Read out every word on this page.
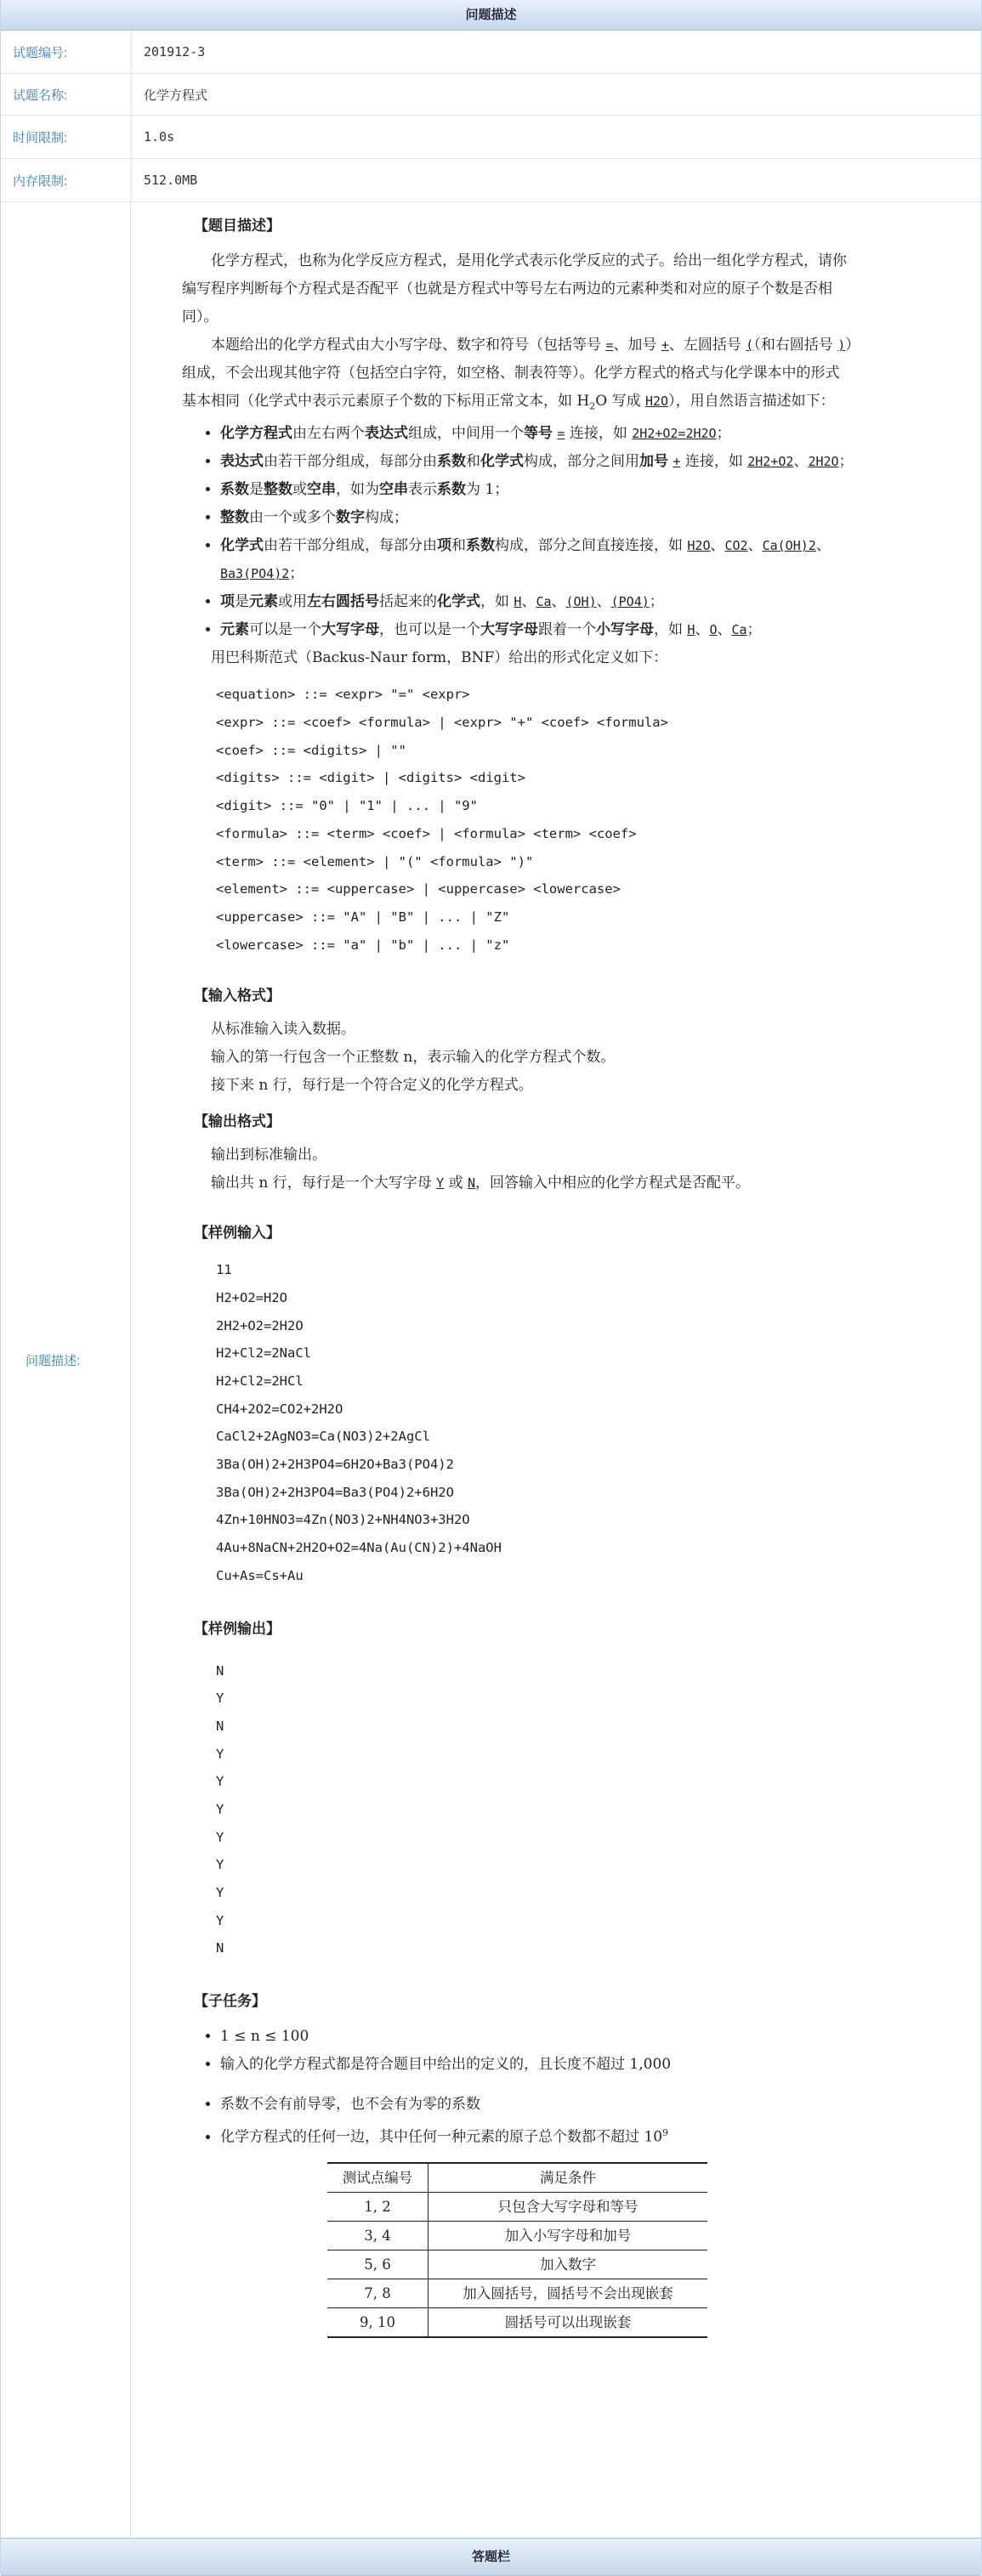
问题描述
试题编号:	201912-3
试题名称:	化学方程式
时间限制:	1.0s
内存限制:	512.0MB
问题描述:
【题目描述】

化学方程式，也称为化学反应方程式，是用化学式表示化学反应的式子。给出一组化学方程式，请你编写程序判断每个方程式是否配平（也就是方程式中等号左右两边的元素种类和对应的原子个数是否相同）。

本题给出的化学方程式由大小写字母、数字和符号（包括等号 =、加号 +、左圆括号 (（和右圆括号 )）组成，不会出现其他字符（包括空白字符，如空格、制表符等）。化学方程式的格式与化学课本中的形式基本相同（化学式中表示元素原子个数的下标用正常文本，如 $H_2O$ 写成 H2O），用自然语言描述如下：

• 化学方程式由左右两个表达式组成，中间用一个等号 = 连接，如 2H2+O2=2H2O；
• 表达式由若干部分组成，每部分由系数和化学式构成，部分之间用加号 + 连接，如 2H2+O2、2H2O；
• 系数是整数或空串，如为空串表示系数为 1；
• 整数由一个或多个数字构成；
• 化学式由若干部分组成，每部分由项和系数构成，部分之间直接连接，如 H2O、CO2、Ca(OH)2、Ba3(PO4)2；
• 项是元素或用左右圆括号括起来的化学式，如 H、Ca、(OH)、(PO4)；
• 元素可以是一个大写字母，也可以是一个大写字母跟着一个小写字母，如 H、O、Ca；

用巴科斯范式（Backus-Naur form，BNF）给出的形式化定义如下：

<equation> ::= <expr> "=" <expr>
<expr> ::= <coef> <formula> | <expr> "+" <coef> <formula>
<coef> ::= <digits> | ""
<digits> ::= <digit> | <digits> <digit>
<digit> ::= "0" | "1" | ... | "9"
<formula> ::= <term> <coef> | <formula> <term> <coef>
<term> ::= <element> | "(" <formula> ")"
<element> ::= <uppercase> | <uppercase> <lowercase>
<uppercase> ::= "A" | "B" | ... | "Z"
<lowercase> ::= "a" | "b" | ... | "z"
【输入格式】

从标准输入读入数据。

输入的第一行包含一个正整数 n，表示输入的化学方程式个数。

接下来 n 行，每行是一个符合定义的化学方程式。

【输出格式】

输出到标准输出。

输出共 n 行，每行是一个大写字母 Y 或 N，回答输入中相应的化学方程式是否配平。

【样例输入】
11
H2+O2=H2O
2H2+O2=2H2O
H2+Cl2=2NaCl
H2+Cl2=2HCl
CH4+2O2=CO2+2H2O
CaCl2+2AgNO3=Ca(NO3)2+2AgCl
3Ba(OH)2+2H3PO4=6H2O+Ba3(PO4)2
3Ba(OH)2+2H3PO4=Ba3(PO4)2+6H2O
4Zn+10HNO3=4Zn(NO3)2+NH4NO3+3H2O
4Au+8NaCN+2H2O+O2=4Na(Au(CN)2)+4NaOH
Cu+As=Cs+Au
【样例输出】
N
Y
N
Y
Y
Y
Y
Y
Y
Y
N
【子任务】
• 1 ≤ n ≤ 100
• 输入的化学方程式都是符合题目中给出的定义的，且长度不超过 1,000
• 系数不会有前导零，也不会有为零的系数
• 化学方程式的任何一边，其中任何一种元素的原子总个数都不超过 $10^9$
测试点编号	满足条件
1, 2	只包含大写字母和等号
3, 4	加入小写字母和加号
5, 6	加入数字
7, 8	加入圆括号，圆括号不会出现嵌套
9, 10	圆括号可以出现嵌套
答题栏
